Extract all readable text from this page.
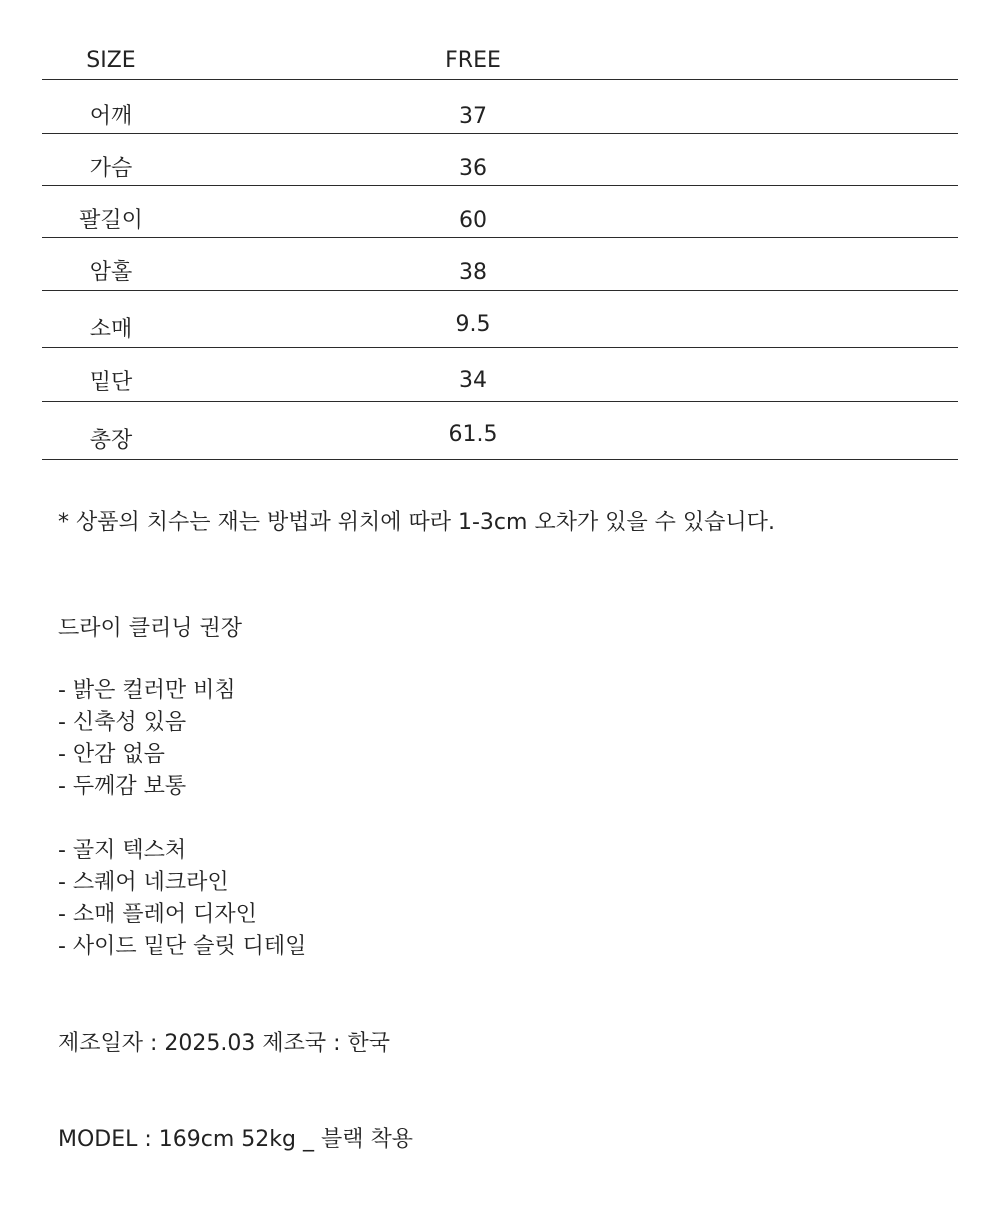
SIZE	FREE
어깨	37
가슴	36
팔길이	60
암홀	38
소매	9.5
밑단	34
총장	61.5
* 상품의 치수는 재는 방법과 위치에 따라 1-3cm 오차가 있을 수 있습니다.
드라이 클리닝 권장
- 밝은 컬러만 비침
- 신축성 있음
- 안감 없음
- 두께감 보통
- 골지 텍스처
- 스퀘어 네크라인
- 소매 플레어 디자인
- 사이드 밑단 슬릿 디테일
제조일자 : 2025.03 제조국 : 한국
MODEL : 169cm 52kg _ 블랙 착용
